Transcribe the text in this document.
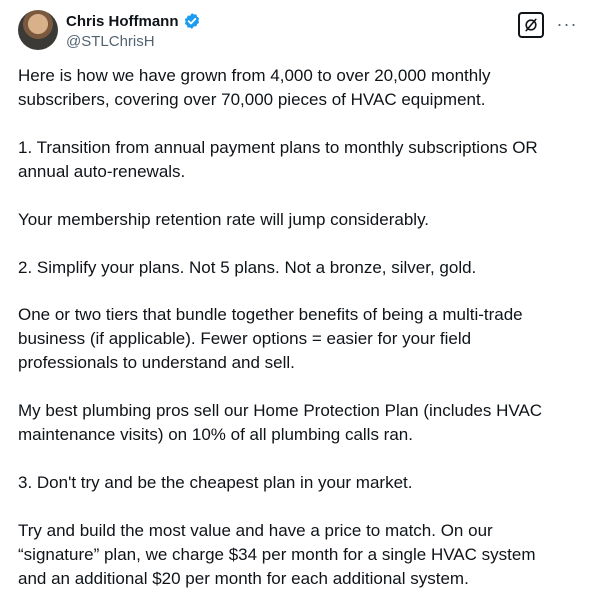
Chris Hoffmann
@STLChrisH
···

Here is how we have grown from 4,000 to over 20,000 monthly
subscribers, covering over 70,000 pieces of HVAC equipment.

1. Transition from annual payment plans to monthly subscriptions OR
annual auto-renewals.

Your membership retention rate will jump considerably.

2. Simplify your plans. Not 5 plans. Not a bronze, silver, gold.

One or two tiers that bundle together benefits of being a multi-trade
business (if applicable). Fewer options = easier for your field
professionals to understand and sell.

My best plumbing pros sell our Home Protection Plan (includes HVAC
maintenance visits) on 10% of all plumbing calls ran.

3. Don't try and be the cheapest plan in your market.

Try and build the most value and have a price to match. On our
“signature” plan, we charge $34 per month for a single HVAC system
and an additional $20 per month for each additional system.
